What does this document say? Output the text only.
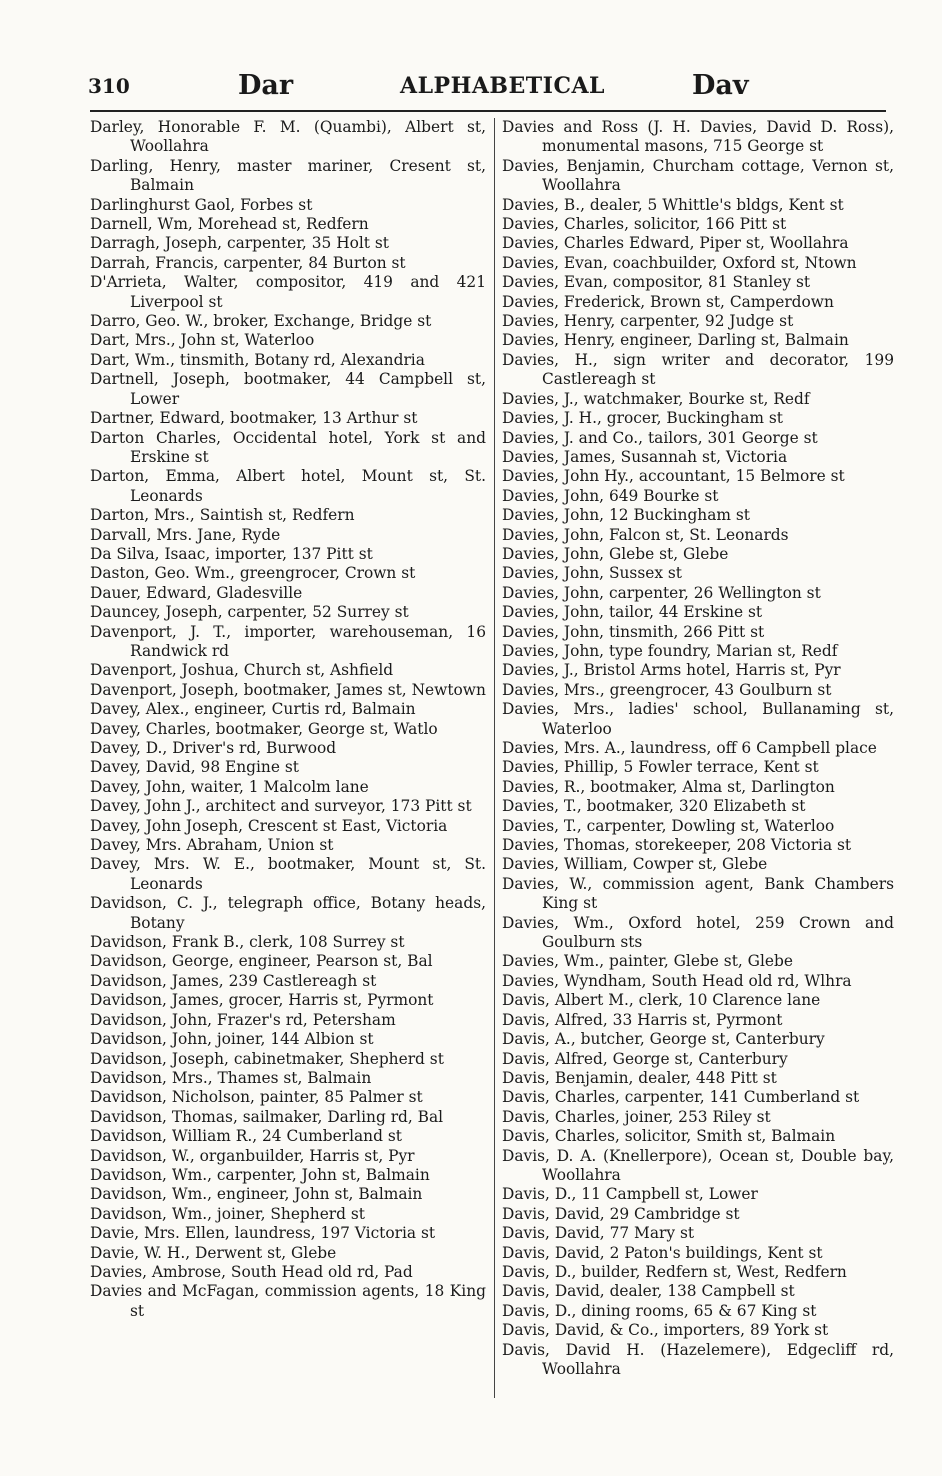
310	Dar	ALPHABETICAL	Dav
Darley, Honorable F. M. (Quambi), Albert st, Woollahra
Darling, Henry, master mariner, Cresent st, Balmain
Darlinghurst Gaol, Forbes st
Darnell, Wm, Morehead st, Redfern
Darragh, Joseph, carpenter, 35 Holt st
Darrah, Francis, carpenter, 84 Burton st
D'Arrieta, Walter, compositor, 419 and 421 Liverpool st
Darro, Geo. W., broker, Exchange, Bridge st
Dart, Mrs., John st, Waterloo
Dart, Wm., tinsmith, Botany rd, Alexandria
Dartnell, Joseph, bootmaker, 44 Campbell st, Lower
Dartner, Edward, bootmaker, 13 Arthur st
Darton Charles, Occidental hotel, York st and Erskine st
Darton, Emma, Albert hotel, Mount st, St. Leonards
Darton, Mrs., Saintish st, Redfern
Darvall, Mrs. Jane, Ryde
Da Silva, Isaac, importer, 137 Pitt st
Daston, Geo. Wm., greengrocer, Crown st
Dauer, Edward, Gladesville
Dauncey, Joseph, carpenter, 52 Surrey st
Davenport, J. T., importer, warehouseman, 16 Randwick rd
Davenport, Joshua, Church st, Ashfield
Davenport, Joseph, bootmaker, James st, Newtown
Davey, Alex., engineer, Curtis rd, Balmain
Davey, Charles, bootmaker, George st, Watlo
Davey, D., Driver's rd, Burwood
Davey, David, 98 Engine st
Davey, John, waiter, 1 Malcolm lane
Davey, John J., architect and surveyor, 173 Pitt st
Davey, John Joseph, Crescent st East, Victoria
Davey, Mrs. Abraham, Union st
Davey, Mrs. W. E., bootmaker, Mount st, St. Leonards
Davidson, C. J., telegraph office, Botany heads, Botany
Davidson, Frank B., clerk, 108 Surrey st
Davidson, George, engineer, Pearson st, Bal
Davidson, James, 239 Castlereagh st
Davidson, James, grocer, Harris st, Pyrmont
Davidson, John, Frazer's rd, Petersham
Davidson, John, joiner, 144 Albion st
Davidson, Joseph, cabinetmaker, Shepherd st
Davidson, Mrs., Thames st, Balmain
Davidson, Nicholson, painter, 85 Palmer st
Davidson, Thomas, sailmaker, Darling rd, Bal
Davidson, William R., 24 Cumberland st
Davidson, W., organbuilder, Harris st, Pyr
Davidson, Wm., carpenter, John st, Balmain
Davidson, Wm., engineer, John st, Balmain
Davidson, Wm., joiner, Shepherd st
Davie, Mrs. Ellen, laundress, 197 Victoria st
Davie, W. H., Derwent st, Glebe
Davies, Ambrose, South Head old rd, Pad
Davies and McFagan, commission agents, 18 King st
Davies and Ross (J. H. Davies, David D. Ross), monumental masons, 715 George st
Davies, Benjamin, Churcham cottage, Vernon st, Woollahra
Davies, B., dealer, 5 Whittle's bldgs, Kent st
Davies, Charles, solicitor, 166 Pitt st
Davies, Charles Edward, Piper st, Woollahra
Davies, Evan, coachbuilder, Oxford st, Ntown
Davies, Evan, compositor, 81 Stanley st
Davies, Frederick, Brown st, Camperdown
Davies, Henry, carpenter, 92 Judge st
Davies, Henry, engineer, Darling st, Balmain
Davies, H., sign writer and decorator, 199 Castlereagh st
Davies, J., watchmaker, Bourke st, Redf
Davies, J. H., grocer, Buckingham st
Davies, J. and Co., tailors, 301 George st
Davies, James, Susannah st, Victoria
Davies, John Hy., accountant, 15 Belmore st
Davies, John, 649 Bourke st
Davies, John, 12 Buckingham st
Davies, John, Falcon st, St. Leonards
Davies, John, Glebe st, Glebe
Davies, John, Sussex st
Davies, John, carpenter, 26 Wellington st
Davies, John, tailor, 44 Erskine st
Davies, John, tinsmith, 266 Pitt st
Davies, John, type foundry, Marian st, Redf
Davies, J., Bristol Arms hotel, Harris st, Pyr
Davies, Mrs., greengrocer, 43 Goulburn st
Davies, Mrs., ladies' school, Bullanaming st, Waterloo
Davies, Mrs. A., laundress, off 6 Campbell place
Davies, Phillip, 5 Fowler terrace, Kent st
Davies, R., bootmaker, Alma st, Darlington
Davies, T., bootmaker, 320 Elizabeth st
Davies, T., carpenter, Dowling st, Waterloo
Davies, Thomas, storekeeper, 208 Victoria st
Davies, William, Cowper st, Glebe
Davies, W., commission agent, Bank Chambers King st
Davies, Wm., Oxford hotel, 259 Crown and Goulburn sts
Davies, Wm., painter, Glebe st, Glebe
Davies, Wyndham, South Head old rd, Wlhra
Davis, Albert M., clerk, 10 Clarence lane
Davis, Alfred, 33 Harris st, Pyrmont
Davis, A., butcher, George st, Canterbury
Davis, Alfred, George st, Canterbury
Davis, Benjamin, dealer, 448 Pitt st
Davis, Charles, carpenter, 141 Cumberland st
Davis, Charles, joiner, 253 Riley st
Davis, Charles, solicitor, Smith st, Balmain
Davis, D. A. (Knellerpore), Ocean st, Double bay, Woollahra
Davis, D., 11 Campbell st, Lower
Davis, David, 29 Cambridge st
Davis, David, 77 Mary st
Davis, David, 2 Paton's buildings, Kent st
Davis, D., builder, Redfern st, West, Redfern
Davis, David, dealer, 138 Campbell st
Davis, D., dining rooms, 65 & 67 King st
Davis, David, & Co., importers, 89 York st
Davis, David H. (Hazelemere), Edgecliff rd, Woollahra
